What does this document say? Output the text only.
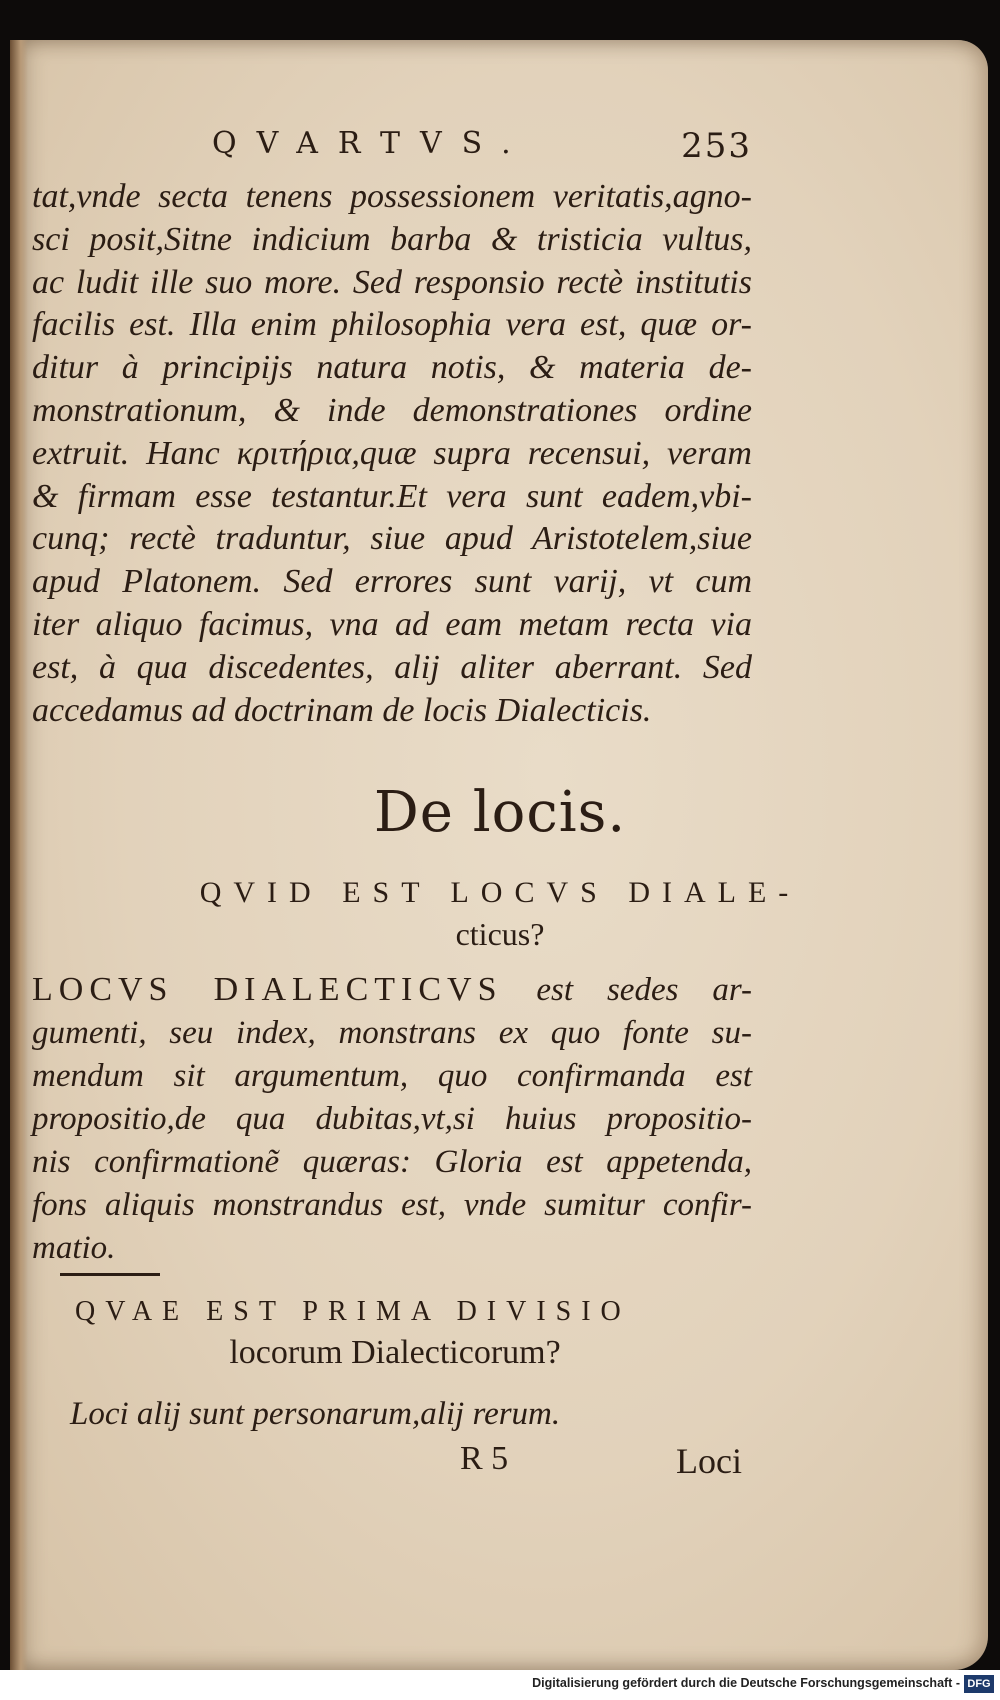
QVARTVS.	253
tat,vnde secta tenens possessionem veritatis,agno-
sci posit,Sitne indicium barba & tristicia vultus,
ac ludit ille suo more. Sed responsio rectè institutis
facilis est. Illa enim philosophia vera est, quæ or-
ditur à principijs natura notis, & materia de-
monstrationum, & inde demonstrationes ordine
extruit. Hanc κριτήρια,quæ supra recensui, veram
& firmam esse testantur.Et vera sunt eadem,vbi-
cunq; rectè traduntur, siue apud Aristotelem,siue
apud Platonem. Sed errores sunt varij, vt cum
iter aliquo facimus, vna ad eam metam recta via
est, à qua discedentes, alij aliter aberrant. Sed
accedamus ad doctrinam de locis Dialecticis.
De locis.
QVID EST LOCVS DIALE-
cticus?
LOCVS DIALECTICVS est sedes ar-
gumenti, seu index, monstrans ex quo fonte su-
mendum sit argumentum, quo confirmanda est
propositio,de qua dubitas,vt,si huius propositio-
nis confirmationẽ quæras: Gloria est appetenda,
fons aliquis monstrandus est, vnde sumitur confir-
matio.
QVAE EST PRIMA DIVISIO
locorum Dialecticorum?
Loci alij sunt personarum,alij rerum.
R 5	Loci
Digitalisierung gefördert durch die Deutsche Forschungsgemeinschaft - DFG
